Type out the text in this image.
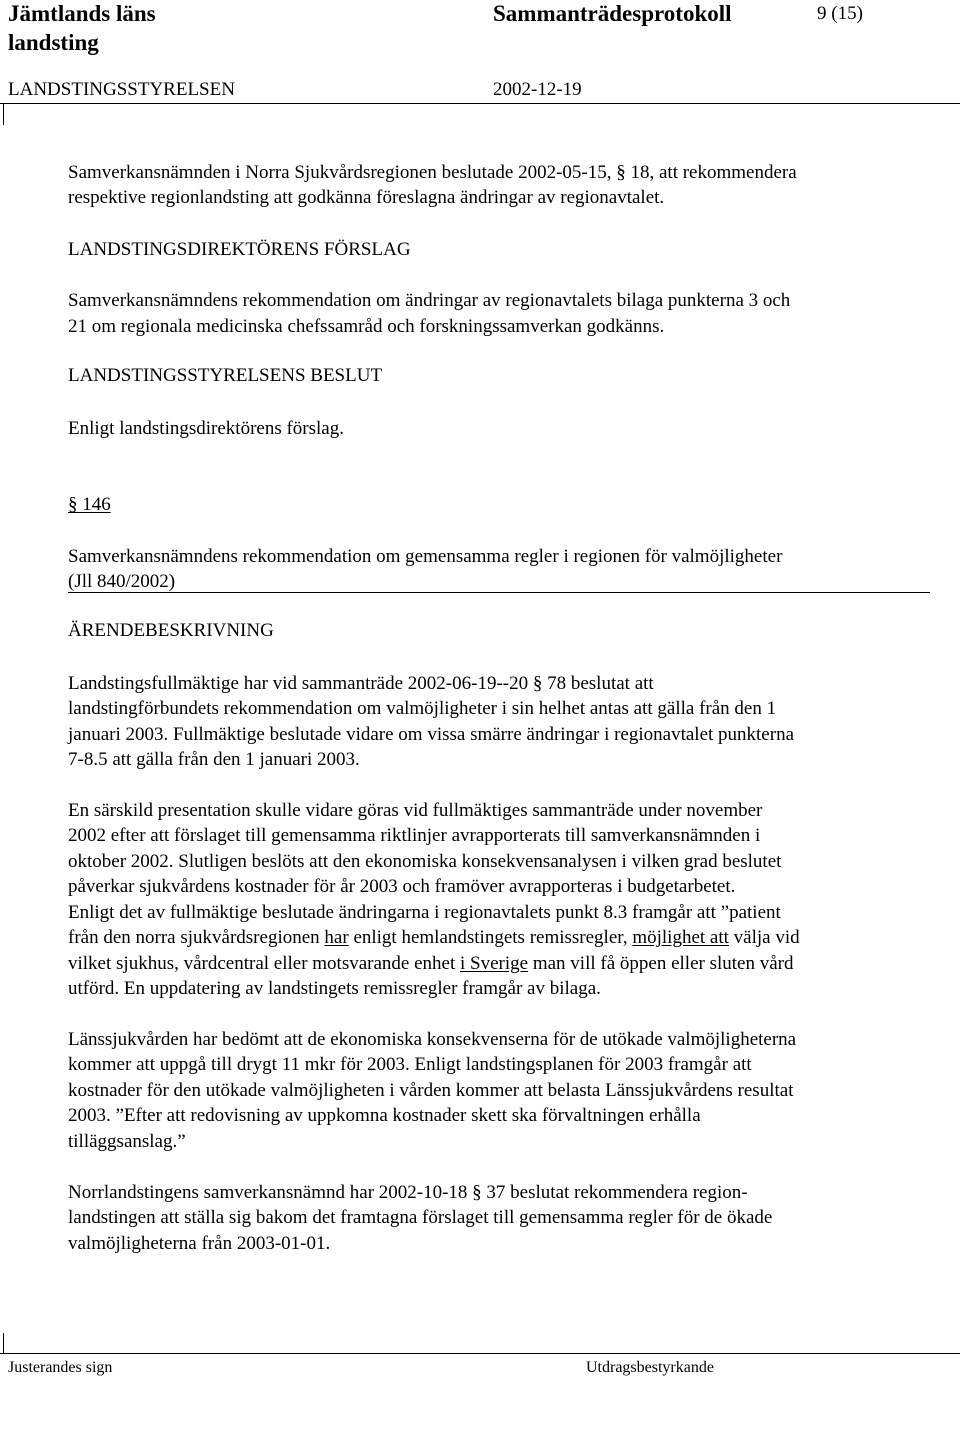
Jämtlands läns
landsting
Sammanträdesprotokoll	9 (15)
LANDSTINGSSTYRELSEN	2002-12-19
Samverkansnämnden i Norra Sjukvårdsregionen beslutade 2002-05-15, § 18, att rekommendera
respektive regionlandsting att godkänna föreslagna ändringar av regionavtalet.
LANDSTINGSDIREKTÖRENS FÖRSLAG
Samverkansnämndens rekommendation om ändringar av regionavtalets bilaga punkterna 3 och
21 om regionala medicinska chefssamråd och forskningssamverkan godkänns.
LANDSTINGSSTYRELSENS BESLUT
Enligt landstingsdirektörens förslag.
§ 146
Samverkansnämndens rekommendation om gemensamma regler i regionen för valmöjligheter
(Jll 840/2002)
ÄRENDEBESKRIVNING
Landstingsfullmäktige har vid sammanträde 2002-06-19--20 § 78 beslutat att
landstingförbundets rekommendation om valmöjligheter i sin helhet antas att gälla från den 1
januari 2003. Fullmäktige beslutade vidare om vissa smärre ändringar i regionavtalet punkterna
7-8.5 att gälla från den 1 januari 2003.
En särskild presentation skulle vidare göras vid fullmäktiges sammanträde under november
2002 efter att förslaget till gemensamma riktlinjer avrapporterats till samverkansnämnden i
oktober 2002. Slutligen beslöts att den ekonomiska konsekvensanalysen i vilken grad beslutet
påverkar sjukvårdens kostnader för år 2003 och framöver avrapporteras i budgetarbetet.
Enligt det av fullmäktige beslutade ändringarna i regionavtalets punkt 8.3 framgår att ”patient
från den norra sjukvårdsregionen har enligt hemlandstingets remissregler, möjlighet att välja vid
vilket sjukhus, vårdcentral eller motsvarande enhet i Sverige man vill få öppen eller sluten vård
utförd. En uppdatering av landstingets remissregler framgår av bilaga.
Länssjukvården har bedömt att de ekonomiska konsekvenserna för de utökade valmöjligheterna
kommer att uppgå till drygt 11 mkr för 2003. Enligt landstingsplanen för 2003 framgår att
kostnader för den utökade valmöjligheten i vården kommer att belasta Länssjukvårdens resultat
2003. ”Efter att redovisning av uppkomna kostnader skett ska förvaltningen erhålla
tilläggsanslag.”
Norrlandstingens samverkansnämnd har 2002-10-18 § 37 beslutat rekommendera region-
landstingen att ställa sig bakom det framtagna förslaget till gemensamma regler för de ökade
valmöjligheterna från 2003-01-01.
Justerandes sign	Utdragsbestyrkande
